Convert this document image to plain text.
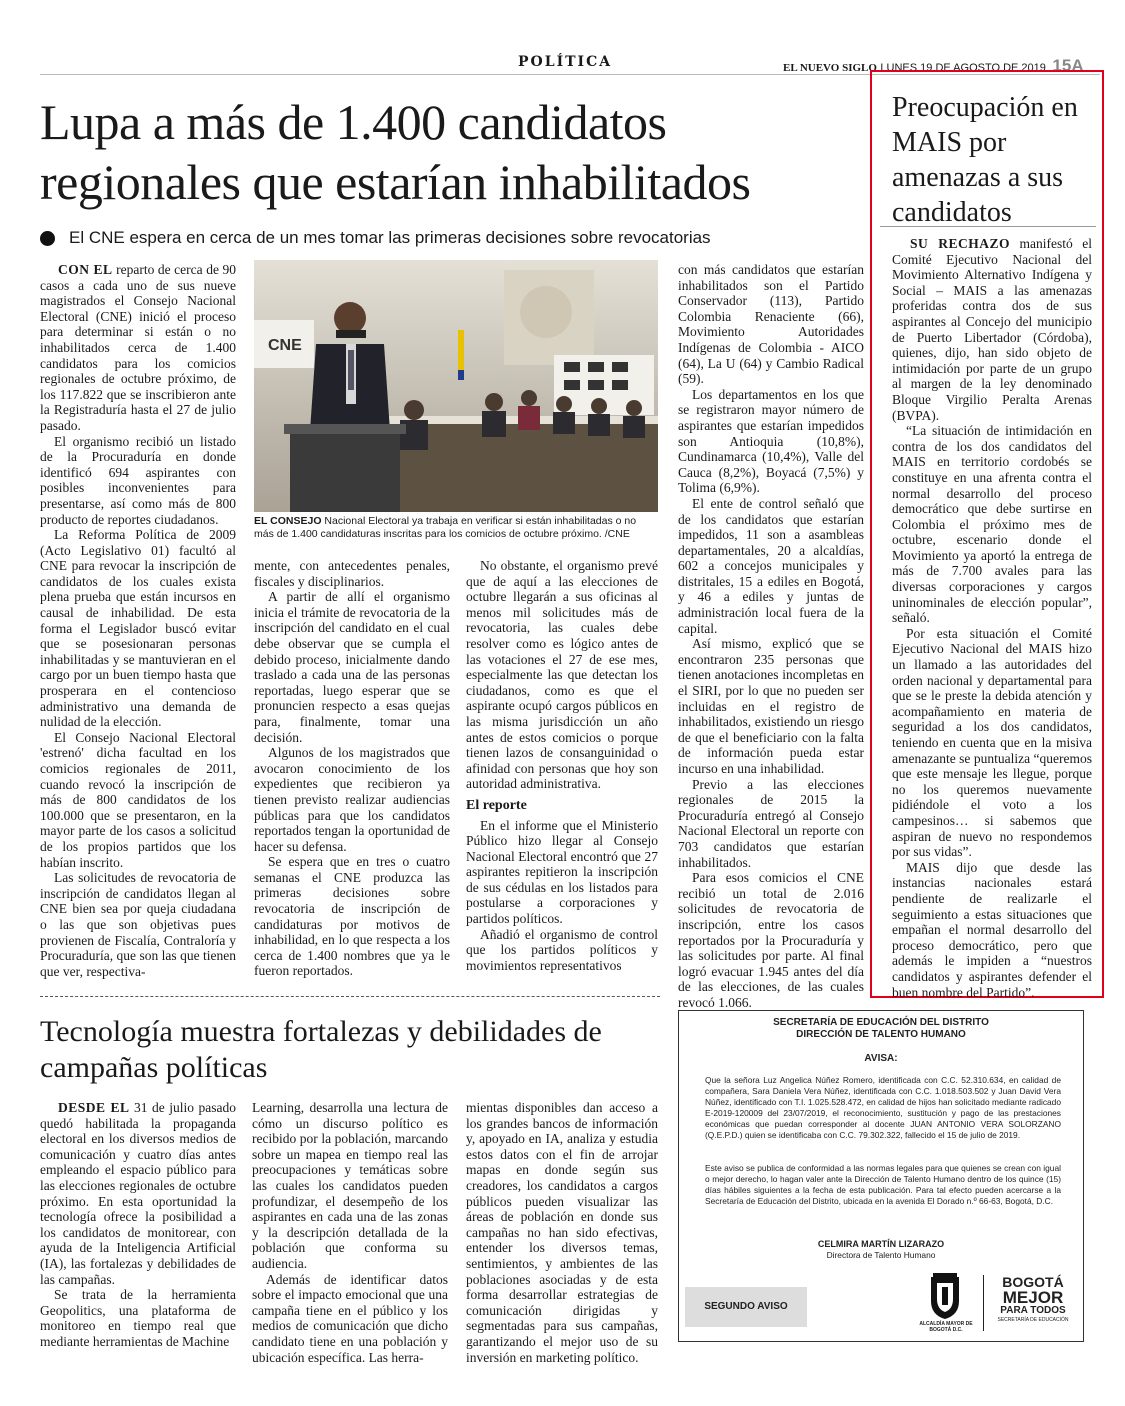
POLÍTICA	EL NUEVO SIGLO LUNES 19 DE AGOSTO DE 2019 15A
Lupa a más de 1.400 candidatos regionales que estarían inhabilitados
El CNE espera en cerca de un mes tomar las primeras decisiones sobre revocatorias

CON EL reparto de cerca de 90 casos a cada uno de sus nueve magistrados el Consejo Nacional Electoral (CNE) inició el proceso para determinar si están o no inhabilitados cerca de 1.400 candidatos para los comicios regionales de octubre próximo, de los 117.822 que se inscribieron ante la Registraduría hasta el 27 de julio pasado.

El organismo recibió un listado de la Procuraduría en donde identificó 694 aspirantes con posibles inconvenientes para presentarse, así como más de 800 producto de reportes ciudadanos.

La Reforma Política de 2009 (Acto Legislativo 01) facultó al CNE para revocar la inscripción de candidatos de los cuales exista plena prueba que están incursos en causal de inhabilidad. De esta forma el Legislador buscó evitar que se posesionaran personas inhabilitadas y se mantuvieran en el cargo por un buen tiempo hasta que prosperara en el contencioso administrativo una demanda de nulidad de la elección.

El Consejo Nacional Electoral 'estrenó' dicha facultad en los comicios regionales de 2011, cuando revocó la inscripción de más de 800 candidatos de los 100.000 que se presentaron, en la mayor parte de los casos a solicitud de los propios partidos que los habían inscrito.

Las solicitudes de revocatoria de inscripción de candidatos llegan al CNE bien sea por queja ciudadana o las que son objetivas pues provienen de Fiscalía, Contraloría y Procuraduría, que son las que tienen que ver, respectiva-

CNE
EL CONSEJO Nacional Electoral ya trabaja en verificar si están inhabilitadas o no más de 1.400 candidaturas inscritas para los comicios de octubre próximo. /CNE

mente, con antecedentes penales, fiscales y disciplinarios.

A partir de allí el organismo inicia el trámite de revocatoria de la inscripción del candidato en el cual debe observar que se cumpla el debido proceso, inicialmente dando traslado a cada una de las personas reportadas, luego esperar que se pronuncien respecto a esas quejas para, finalmente, tomar una decisión.

Algunos de los magistrados que avocaron conocimiento de los expedientes que recibieron ya tienen previsto realizar audiencias públicas para que los candidatos reportados tengan la oportunidad de hacer su defensa.

Se espera que en tres o cuatro semanas el CNE produzca las primeras decisiones sobre revocatoria de inscripción de candidaturas por motivos de inhabilidad, en lo que respecta a los cerca de 1.400 nombres que ya le fueron reportados.

No obstante, el organismo prevé que de aquí a las elecciones de octubre llegarán a sus oficinas al menos mil solicitudes más de revocatoria, las cuales debe resolver como es lógico antes de las votaciones el 27 de ese mes, especialmente las que detectan los ciudadanos, como es que el aspirante ocupó cargos públicos en las misma jurisdicción un año antes de estos comicios o porque tienen lazos de consanguinidad o afinidad con personas que hoy son autoridad administrativa.

El reporte

En el informe que el Ministerio Público hizo llegar al Consejo Nacional Electoral encontró que 27 aspirantes repitieron la inscripción de sus cédulas en los listados para postularse a corporaciones y partidos políticos.

Añadió el organismo de control que los partidos políticos y movimientos representativos

con más candidatos que estarían inhabilitados son el Partido Conservador (113), Partido Colombia Renaciente (66), Movimiento Autoridades Indígenas de Colombia - AICO (64), La U (64) y Cambio Radical (59).

Los departamentos en los que se registraron mayor número de aspirantes que estarían impedidos son Antioquia (10,8%), Cundinamarca (10,4%), Valle del Cauca (8,2%), Boyacá (7,5%) y Tolima (6,9%).

El ente de control señaló que de los candidatos que estarían impedidos, 11 son a asambleas departamentales, 20 a alcaldías, 602 a concejos municipales y distritales, 15 a ediles en Bogotá, y 46 a ediles y juntas de administración local fuera de la capital.

Así mismo, explicó que se encontraron 235 personas que tienen anotaciones incompletas en el SIRI, por lo que no pueden ser incluidas en el registro de inhabilitados, existiendo un riesgo de que el beneficiario con la falta de información pueda estar incurso en una inhabilidad.

Previo a las elecciones regionales de 2015 la Procuraduría entregó al Consejo Nacional Electoral un reporte con 703 candidatos que estarían inhabilitados.

Para esos comicios el CNE recibió un total de 2.016 solicitudes de revocatoria de inscripción, entre los casos reportados por la Procuraduría y las solicitudes por parte. Al final logró evacuar 1.945 antes del día de las elecciones, de las cuales revocó 1.066.

Preocupación en MAIS por amenazas a sus candidatos

SU RECHAZO manifestó el Comité Ejecutivo Nacional del Movimiento Alternativo Indígena y Social – MAIS a las amenazas proferidas contra dos de sus aspirantes al Concejo del municipio de Puerto Libertador (Córdoba), quienes, dijo, han sido objeto de intimidación por parte de un grupo al margen de la ley denominado Bloque Virgilio Peralta Arenas (BVPA).

“La situación de intimidación en contra de los dos candidatos del MAIS en territorio cordobés se constituye en una afrenta contra el normal desarrollo del proceso democrático que debe surtirse en Colombia el próximo mes de octubre, escenario donde el Movimiento ya aportó la entrega de más de 7.700 avales para las diversas corporaciones y cargos uninominales de elección popular”, señaló.

Por esta situación el Comité Ejecutivo Nacional del MAIS hizo un llamado a las autoridades del orden nacional y departamental para que se le preste la debida atención y acompañamiento en materia de seguridad a los dos candidatos, teniendo en cuenta que en la misiva amenazante se puntualiza “queremos que este mensaje les llegue, porque no los queremos nuevamente pidiéndole el voto a los campesinos… si sabemos que aspiran de nuevo no respondemos por sus vidas”.

MAIS dijo que desde las instancias nacionales estará pendiente de realizarle el seguimiento a estas situaciones que empañan el normal desarrollo del proceso democrático, pero que además le impiden a “nuestros candidatos y aspirantes defender el buen nombre del Partido”.

Tecnología muestra fortalezas y debilidades de campañas políticas

DESDE EL 31 de julio pasado quedó habilitada la propaganda electoral en los diversos medios de comunicación y cuatro días antes empleando el espacio público para las elecciones regionales de octubre próximo. En esta oportunidad la tecnología ofrece la posibilidad a los candidatos de monitorear, con ayuda de la Inteligencia Artificial (IA), las fortalezas y debilidades de las campañas.

Se trata de la herramienta Geopolitics, una plataforma de monitoreo en tiempo real que mediante herramientas de Machine

Learning, desarrolla una lectura de cómo un discurso político es recibido por la población, marcando sobre un mapea en tiempo real las preocupaciones y temáticas sobre las cuales los candidatos pueden profundizar, el desempeño de los aspirantes en cada una de las zonas y la descripción detallada de la población que conforma su audiencia.

Además de identificar datos sobre el impacto emocional que una campaña tiene en el público y los medios de comunicación que dicho candidato tiene en una población y ubicación específica. Las herra-

mientas disponibles dan acceso a los grandes bancos de información y, apoyado en IA, analiza y estudia estos datos con el fin de arrojar mapas en donde según sus creadores, los candidatos a cargos públicos pueden visualizar las áreas de población en donde sus campañas no han sido efectivas, entender los diversos temas, sentimientos, y ambientes de las poblaciones asociadas y de esta forma desarrollar estrategias de comunicación dirigidas y segmentadas para sus campañas, garantizando el mejor uso de su inversión en marketing político.

SECRETARÍA DE EDUCACIÓN DEL DISTRITO
DIRECCIÓN DE TALENTO HUMANO
AVISA:
Que la señora Luz Angelica Núñez Romero, identificada con C.C. 52.310.634, en calidad de compañera, Sara Daniela Vera Núñez, identificada con C.C. 1.018.503.502 y Juan David Vera Núñez, identificado con T.I. 1.025.528.472, en calidad de hijos han solicitado mediante radicado E-2019-120009 del 23/07/2019, el reconocimiento, sustitución y pago de las prestaciones económicas que puedan corresponder al docente JUAN ANTONIO VERA SOLORZANO (Q.E.P.D.) quien se identificaba con C.C. 79.302.322, fallecido el 15 de julio de 2019.
Este aviso se publica de conformidad a las normas legales para que quienes se crean con igual o mejor derecho, lo hagan valer ante la Dirección de Talento Humano dentro de los quince (15) días hábiles siguientes a la fecha de esta publicación. Para tal efecto pueden acercarse a la Secretaría de Educación del Distrito, ubicada en la avenida El Dorado n.º 66-63, Bogotá, D.C.
CELMIRA MARTÍN LIZARAZO
Directora de Talento Humano
SEGUNDO AVISO
ALCALDÍA MAYOR DE BOGOTÁ D.C.
BOGOTÁ
MEJOR
PARA TODOS
SECRETARÍA DE EDUCACIÓN
